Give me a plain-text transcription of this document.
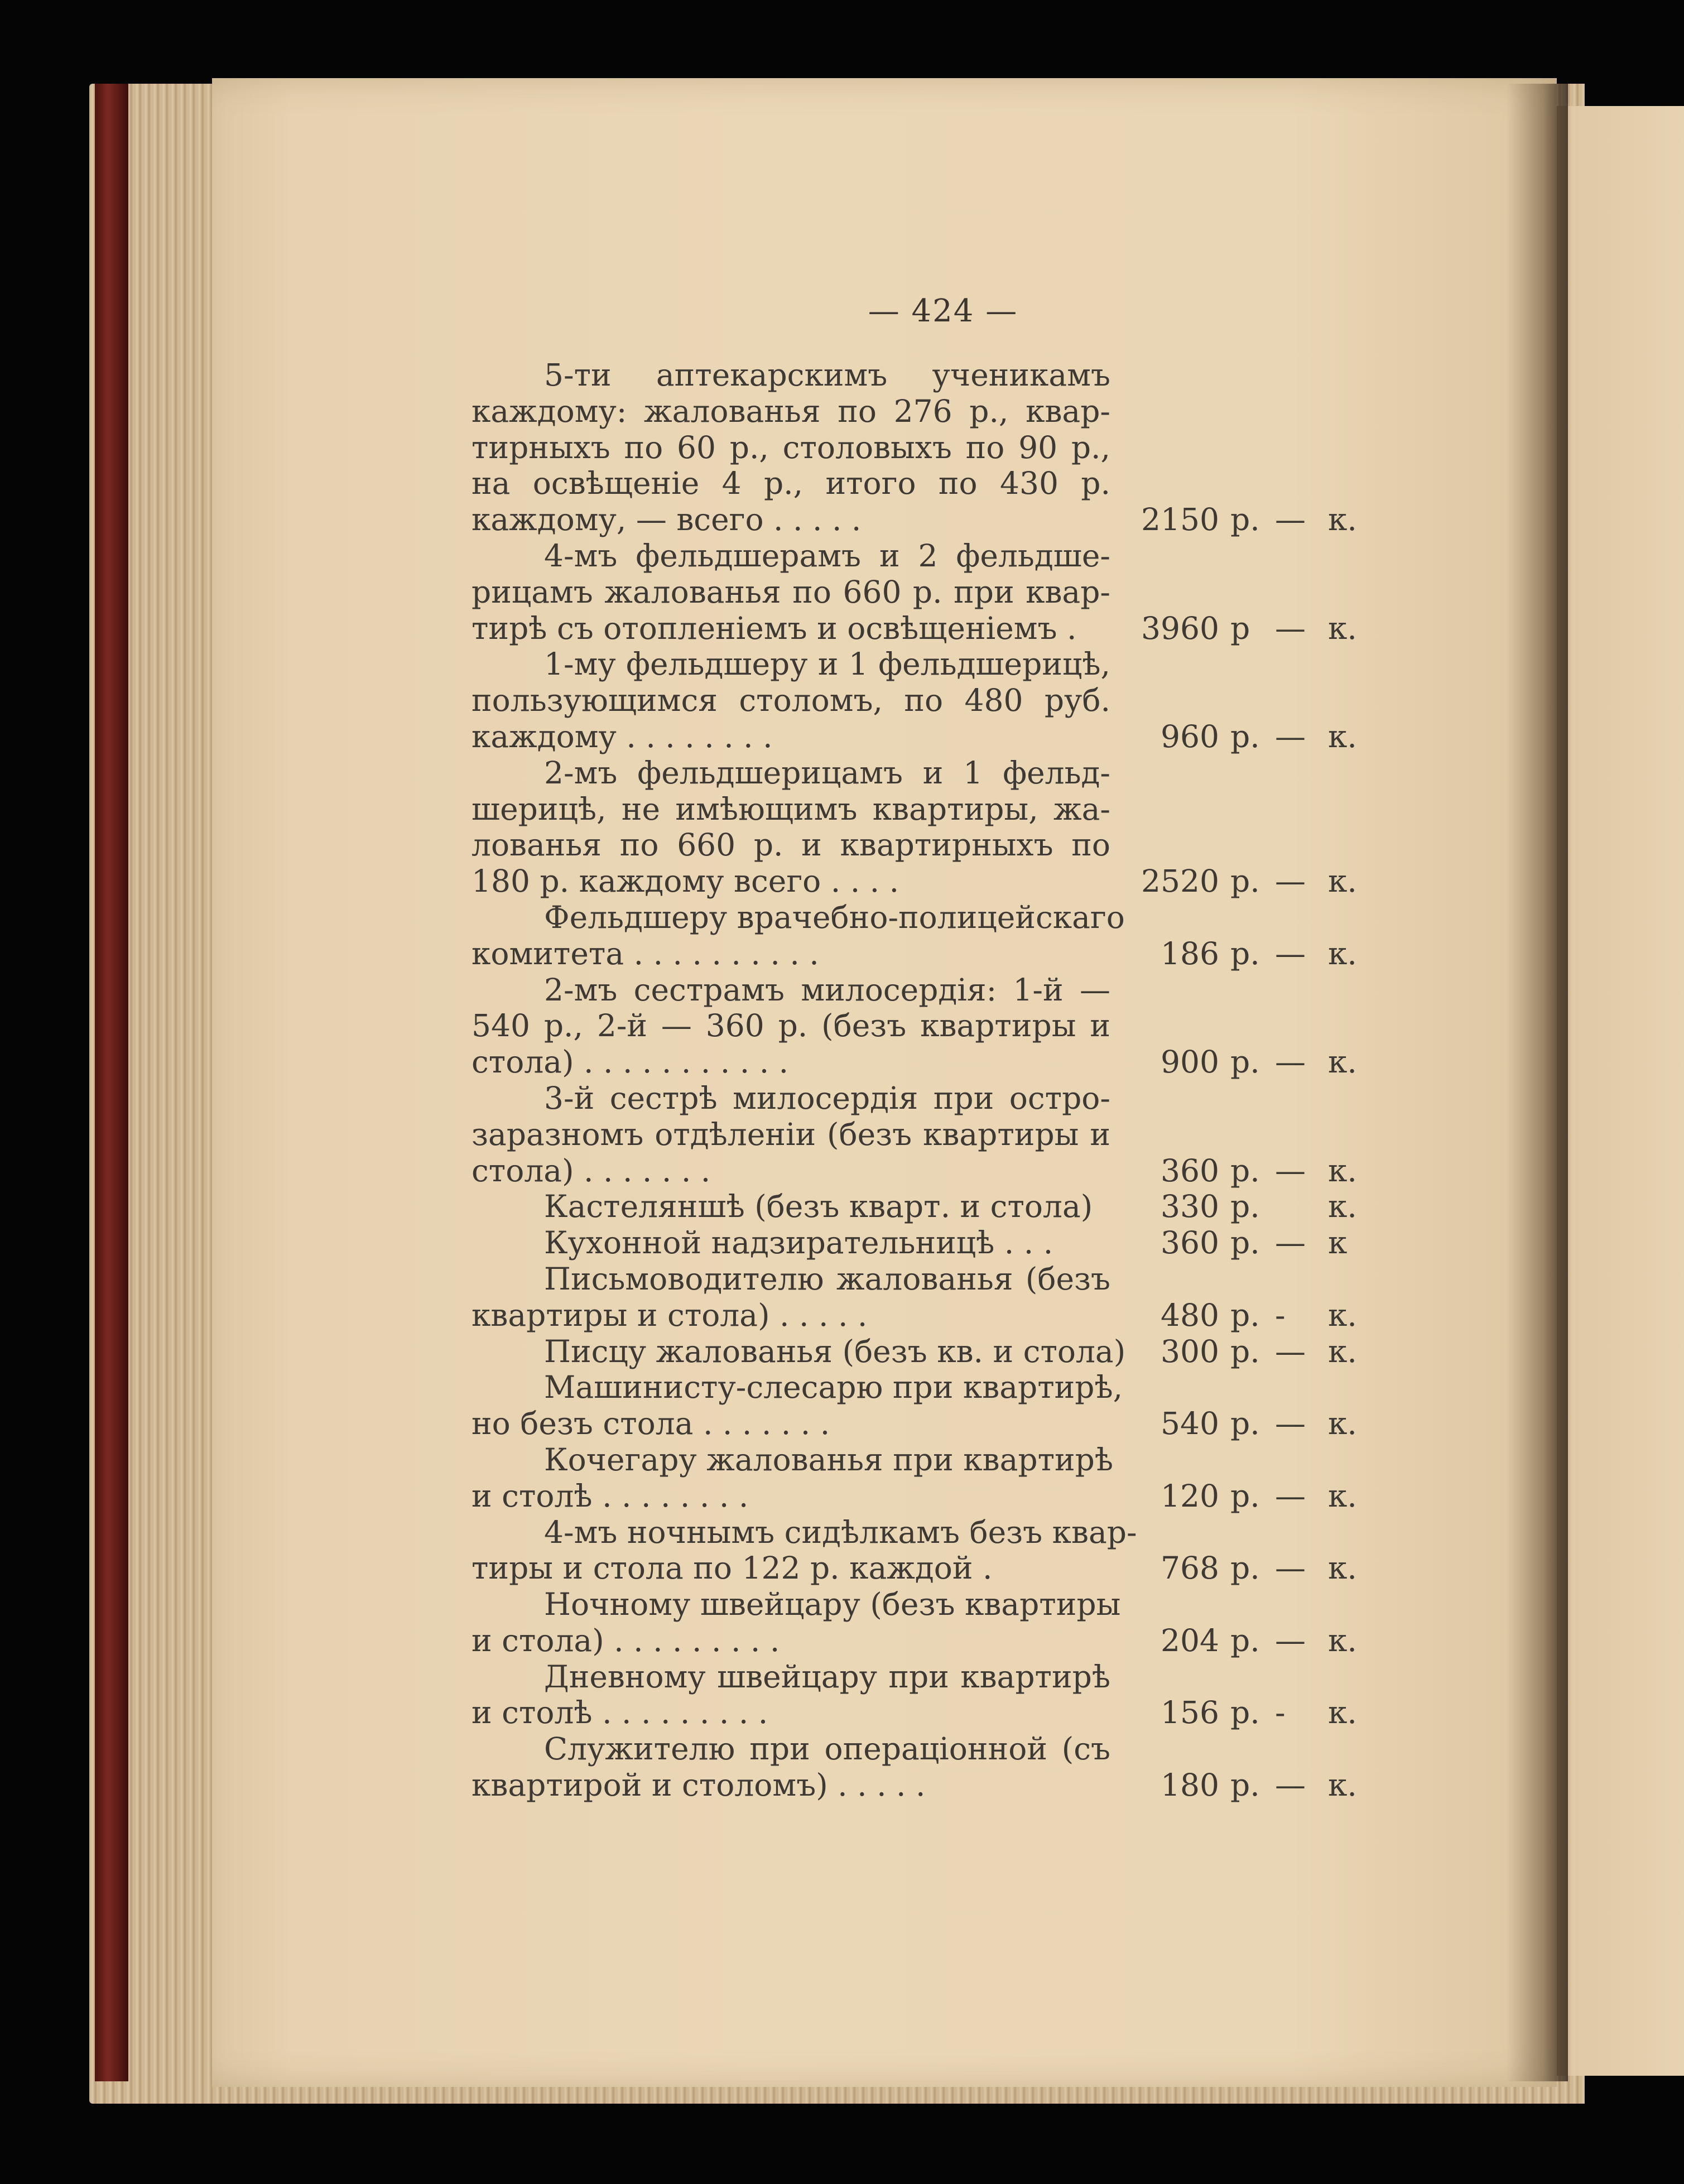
— 424 —
5-ти аптекарскимъ ученикамъ
каждому: жалованья по 276 р., квар-
тирныхъ по 60 р., столовыхъ по 90 р.,
на освѣщеніе 4 р., итого по 430 р.
каждому, — всего . . . . .	2150 р. — к.
4-мъ фельдшерамъ и 2 фельдше-
рицамъ жалованья по 660 р. при квар-
тирѣ съ отопленіемъ и освѣщеніемъ .	3960 р — к.
1-му фельдшеру и 1 фельдшерицѣ,
пользующимся столомъ, по 480 руб.
каждому . . . . . . . .	960 р. — к.
2-мъ фельдшерицамъ и 1 фельд-
шерицѣ, не имѣющимъ квартиры, жа-
лованья по 660 р. и квартирныхъ по
180 р. каждому всего . . . .	2520 р. — к.
Фельдшеру врачебно-полицейскаго
комитета . . . . . . . . . .	186 р. — к.
2-мъ сестрамъ милосердія: 1-й —
540 р., 2-й — 360 р. (безъ квартиры и
стола) . . . . . . . . . . .	900 р. — к.
3-й сестрѣ милосердія при остро-
заразномъ отдѣленіи (безъ квартиры и
стола) . . . . . . .	360 р. — к.
Кастеляншѣ (безъ кварт. и стола)	330 р. к.
Кухонной надзирательницѣ . . .	360 р. — к
Письмоводителю жалованья (безъ
квартиры и стола) . . . . .	480 р. - к.
Писцу жалованья (безъ кв. и стола)	300 р. — к.
Машинисту-слесарю при квартирѣ,
но безъ стола . . . . . . .	540 р. — к.
Кочегару жалованья при квартирѣ
и столѣ . . . . . . . .	120 р. — к.
4-мъ ночнымъ сидѣлкамъ безъ квар-
тиры и стола по 122 р. каждой .	768 р. — к.
Ночному швейцару (безъ квартиры
и стола) . . . . . . . . .	204 р. — к.
Дневному швейцару при квартирѣ
и столѣ . . . . . . . . .	156 р. - к.
Служителю при операціонной (съ
квартирой и столомъ) . . . . .	180 р. — к.
